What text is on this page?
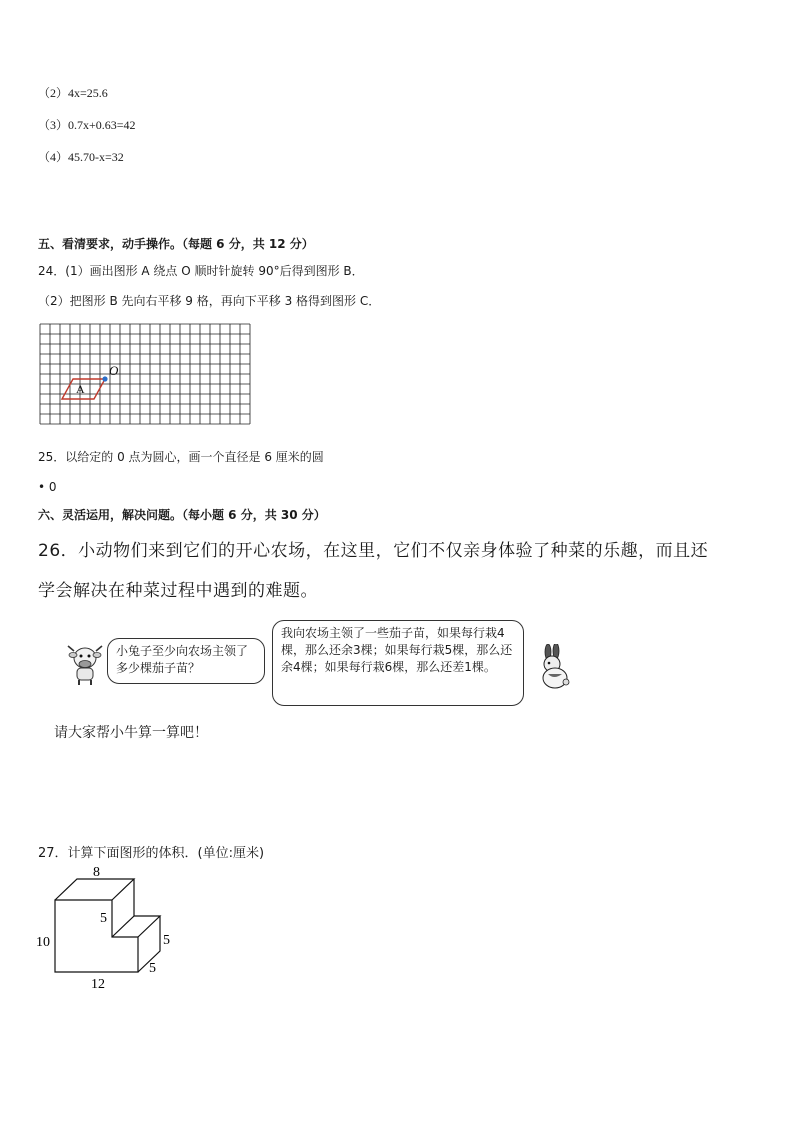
（2）4x=25.6
（3）0.7x+0.63=42
（4）45.70-x=32
五、看清要求，动手操作。（每题 6 分，共 12 分）
24．(1）画出图形 A 绕点 O 顺时针旋转 90°后得到图形 B．
（2）把图形 B 先向右平移 9 格，再向下平移 3 格得到图形 C．
A
O
25．以给定的 0 点为圆心，画一个直径是 6 厘米的圆
• 0
六、灵活运用，解决问题。（每小题 6 分，共 30 分）
26．小动物们来到它们的开心农场，在这里，它们不仅亲身体验了种菜的乐趣，而且还
学会解决在种菜过程中遇到的难题。
小兔子至少向农场主领了多少棵茄子苗？
我向农场主领了一些茄子苗，如果每行栽4棵，那么还余3棵；如果每行栽5棵，那么还余4棵；如果每行栽6棵，那么还差1棵。
请大家帮小牛算一算吧！
27．计算下面图形的体积．(单位:厘米)
8
5
10	5
5
12
